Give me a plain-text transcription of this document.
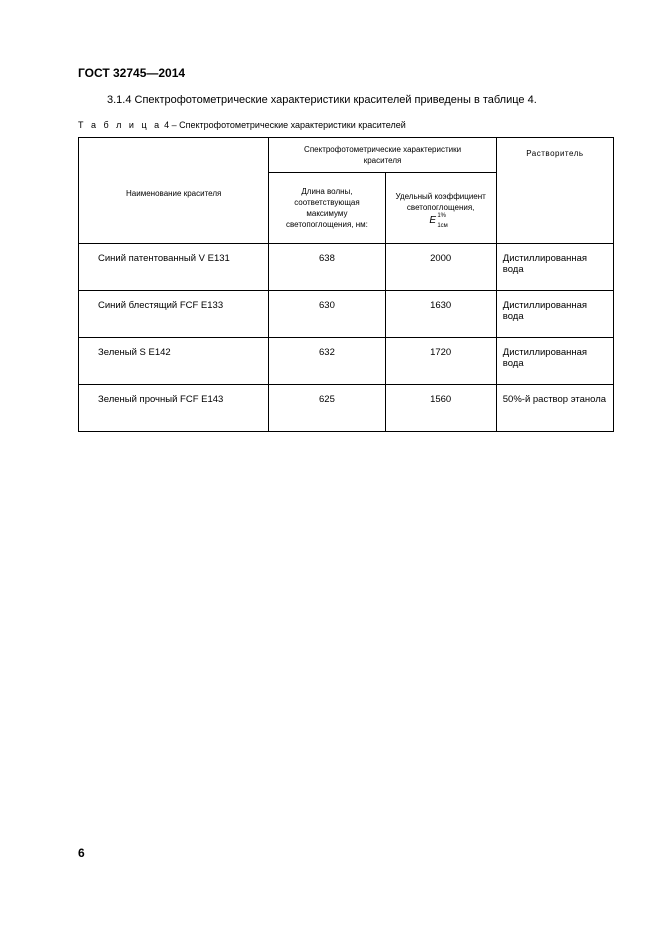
ГОСТ 32745—2014
3.1.4 Спектрофотометрические характеристики красителей приведены в таблице 4.
Т а б л и ц а 4 – Спектрофотометрические характеристики красителей
Наименование красителя	Спектрофотометрические характеристики красителя		Растворитель
	Длина волны, соответствующая максимуму светопоглощения, нм:	Удельный коэффициент светопоглощения,
E 1%
1см	

Синий патентованный V Е131	638	2000	Дистиллированная вода
Синий блестящий FCF E133	630	1630	Дистиллированная вода
Зеленый S E142	632	1720	Дистиллированная вода
Зеленый прочный FCF E143	625	1560	50%-й раствор этанола
6
